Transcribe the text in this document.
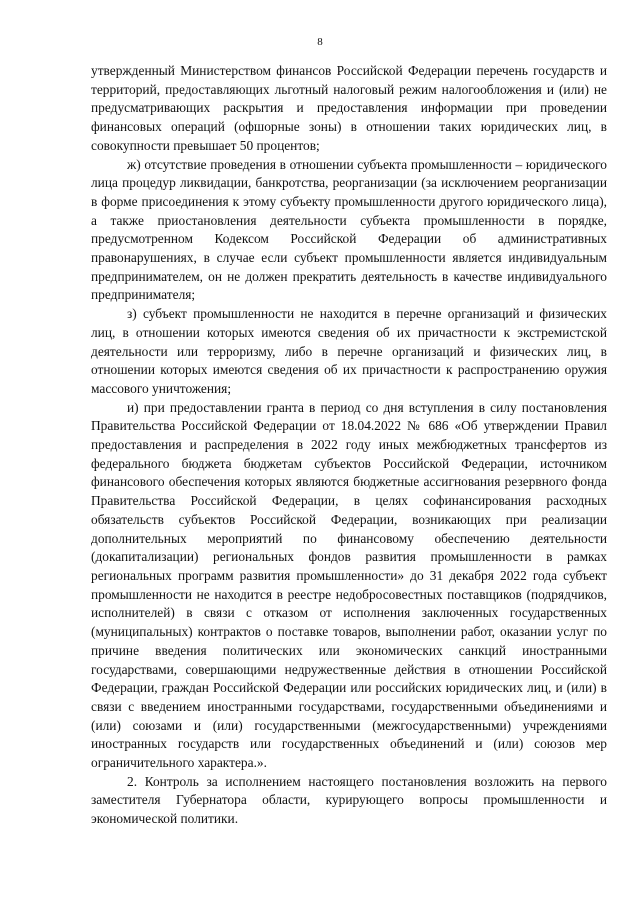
8

утвержденный Министерством финансов Российской Федерации перечень государств и территорий, предоставляющих льготный налоговый режим налогообложения и (или) не предусматривающих раскрытия и предоставления информации при проведении финансовых операций (офшорные зоны) в отношении таких юридических лиц, в совокупности превышает 50 процентов;

ж) отсутствие проведения в отношении субъекта промышленности – юридического лица процедур ликвидации, банкротства, реорганизации (за исключением реорганизации в форме присоединения к этому субъекту промышленности другого юридического лица), а также приостановления деятельности субъекта промышленности в порядке, предусмотренном Кодексом Российской Федерации об административных правонарушениях, в случае если субъект промышленности является индивидуальным предпринимателем, он не должен прекратить деятельность в качестве индивидуального предпринимателя;

з) субъект промышленности не находится в перечне организаций и физических лиц, в отношении которых имеются сведения об их причастности к экстремистской деятельности или терроризму, либо в перечне организаций и физических лиц, в отношении которых имеются сведения об их причастности к распространению оружия массового уничтожения;

и) при предоставлении гранта в период со дня вступления в силу постановления Правительства Российской Федерации от 18.04.2022 № 686 «Об утверждении Правил предоставления и распределения в 2022 году иных межбюджетных трансфертов из федерального бюджета бюджетам субъектов Российской Федерации, источником финансового обеспечения которых являются бюджетные ассигнования резервного фонда Правительства Российской Федерации, в целях софинансирования расходных обязательств субъектов Российской Федерации, возникающих при реализации дополнительных мероприятий по финансовому обеспечению деятельности (докапитализации) региональных фондов развития промышленности в рамках региональных программ развития промышленности» до 31 декабря 2022 года субъект промышленности не находится в реестре недобросовестных поставщиков (подрядчиков, исполнителей) в связи с отказом от исполнения заключенных государственных (муниципальных) контрактов о поставке товаров, выполнении работ, оказании услуг по причине введения политических или экономических санкций иностранными государствами, совершающими недружественные действия в отношении Российской Федерации, граждан Российской Федерации или российских юридических лиц, и (или) в связи с введением иностранными государствами, государственными объединениями и (или) союзами и (или) государственными (межгосударственными) учреждениями иностранных государств или государственных объединений и (или) союзов мер ограничительного характера.».

2. Контроль за исполнением настоящего постановления возложить на первого заместителя Губернатора области, курирующего вопросы промышленности и экономической политики.
